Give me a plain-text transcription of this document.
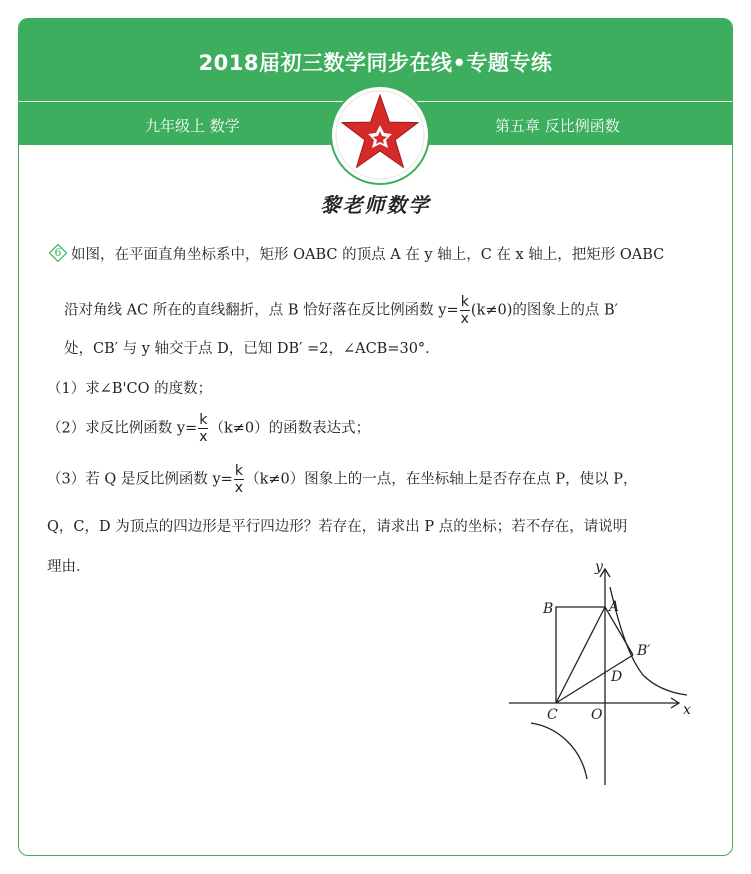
2018届初三数学同步在线•专题专练
九年级上 数学	第五章 反比例函数
黎老师数学
6 如图，在平面直角坐标系中，矩形 OABC 的顶点 A 在 y 轴上，C 在 x 轴上，把矩形 OABC
沿对角线 AC 所在的直线翻折，点 B 恰好落在反比例函数 $y= \frac{k}{x} (k\ne 0)$的图象上的点 B′
处，CB′ 与 y 轴交于点 D，已知 DB′ =2，∠ACB=30°．
（1）求∠B'CO 的度数；
（2）求反比例函数 $y= \frac{k}{x} (k\ne 0)$的函数表达式；
（3）若 Q 是反比例函数 $y= \frac{k}{x} (k\ne 0)$图象上的一点，在坐标轴上是否存在点 P，使以 P，
Q，C，D 为顶点的四边形是平行四边形？若存在，请求出 P 点的坐标；若不存在，请说明
理由．	y
x
A
B
B′
C O
D
